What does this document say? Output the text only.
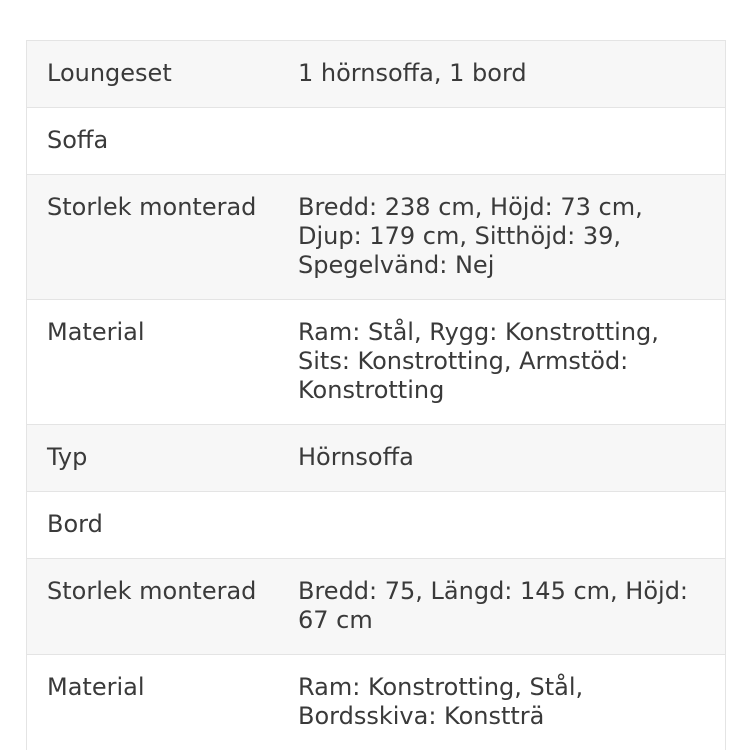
Loungeset	1 hörnsoffa, 1 bord
Soffa	
Storlek monterad	Bredd: 238 cm, Höjd: 73 cm, Djup: 179 cm, Sitthöjd: 39, Spegelvänd: Nej
Material	Ram: Stål, Rygg: Konstrotting, Sits: Konstrotting, Armstöd: Konstrotting
Typ	Hörnsoffa
Bord	
Storlek monterad	Bredd: 75, Längd: 145 cm, Höjd: 67 cm
Material	Ram: Konstrotting, Stål, Bordsskiva: Konstträ
